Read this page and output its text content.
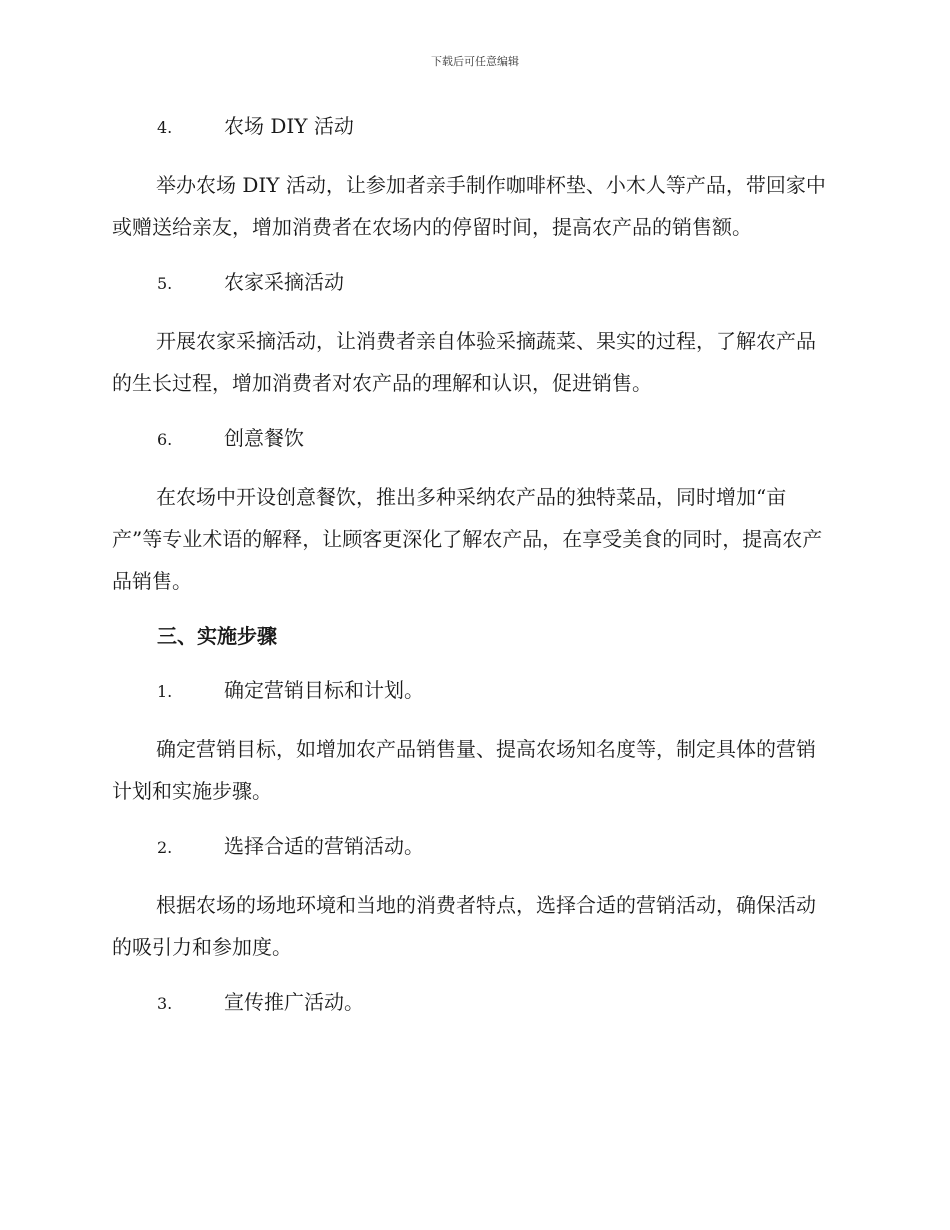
下载后可任意编辑
4.	农场 DIY 活动

举办农场 DIY 活动，让参加者亲手制作咖啡杯垫、小木人等产品，带回家中或赠送给亲友，增加消费者在农场内的停留时间，提高农产品的销售额。

5.	农家采摘活动

开展农家采摘活动，让消费者亲自体验采摘蔬菜、果实的过程，了解农产品的生长过程，增加消费者对农产品的理解和认识，促进销售。

6.	创意餐饮

在农场中开设创意餐饮，推出多种采纳农产品的独特菜品，同时增加“亩产”等专业术语的解释，让顾客更深化了解农产品，在享受美食的同时，提高农产品销售。

三、实施步骤
1.	确定营销目标和计划。

确定营销目标，如增加农产品销售量、提高农场知名度等，制定具体的营销计划和实施步骤。

2.	选择合适的营销活动。

根据农场的场地环境和当地的消费者特点，选择合适的营销活动，确保活动的吸引力和参加度。

3.	宣传推广活动。
